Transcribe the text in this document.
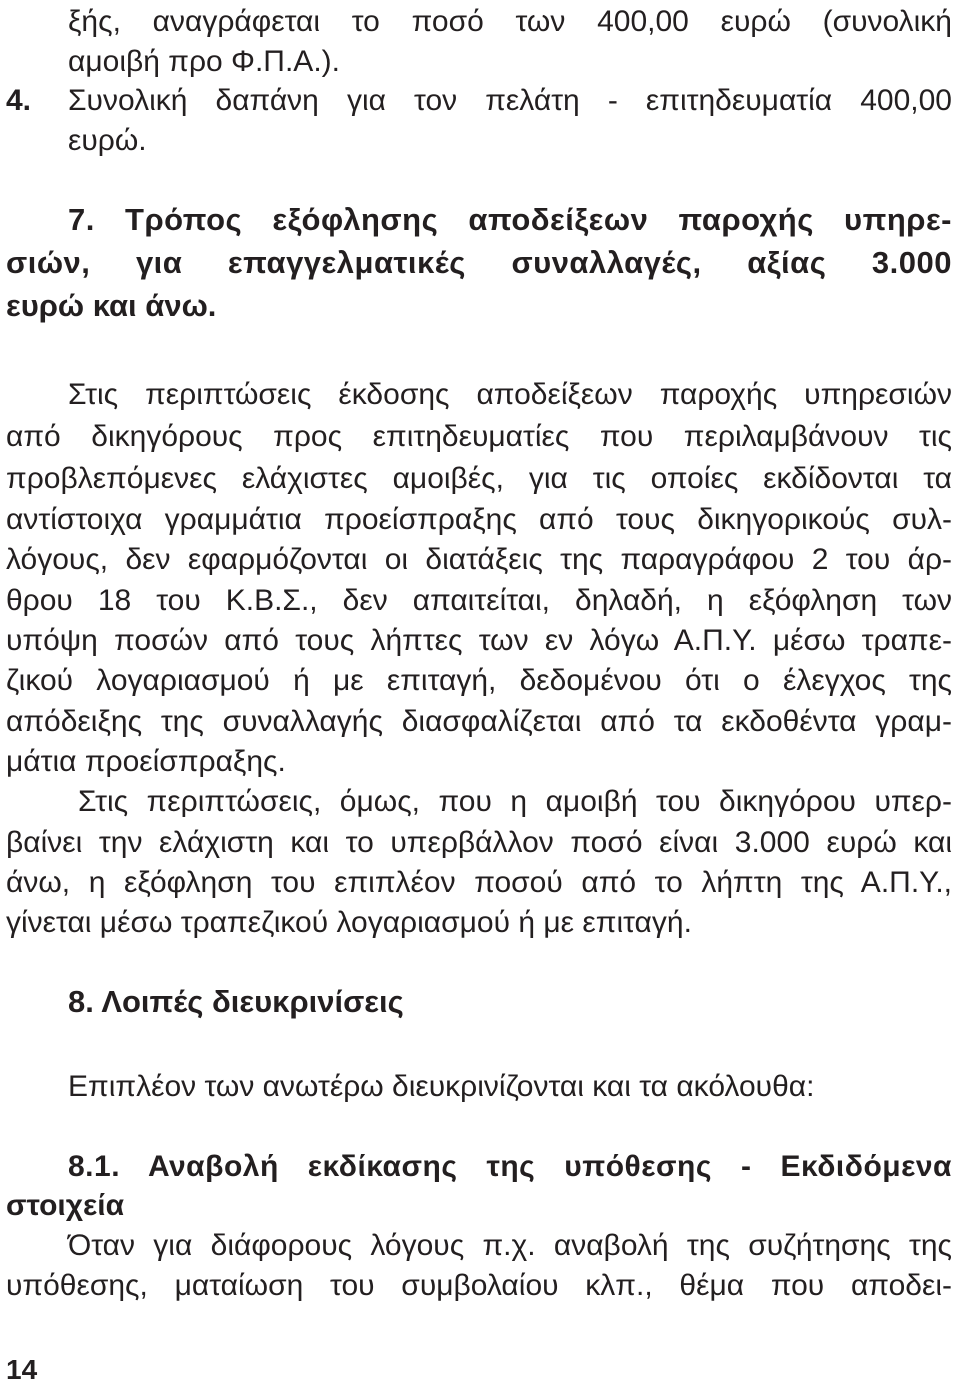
ξής, αναγράφεται το ποσό των 400,00 ευρώ (συνολική
αμοιβή προ Φ.Π.Α.).
4. Συνολική δαπάνη για τον πελάτη - επιτηδευματία 400,00
ευρώ.
7. Τρόπος εξόφλησης αποδείξεων παροχής υπηρε-
σιών, για επαγγελματικές συναλλαγές, αξίας 3.000
ευρώ και άνω.
Στις περιπτώσεις έκδοσης αποδείξεων παροχής υπηρεσιών
από δικηγόρους προς επιτηδευματίες που περιλαμβάνουν τις
προβλεπόμενες ελάχιστες αμοιβές, για τις οποίες εκδίδονται τα
αντίστοιχα γραμμάτια προείσπραξης από τους δικηγορικούς συλ-
λόγους, δεν εφαρμόζονται οι διατάξεις της παραγράφου 2 του άρ-
θρου 18 του Κ.Β.Σ., δεν απαιτείται, δηλαδή, η εξόφληση των
υπόψη ποσών από τους λήπτες των εν λόγω Α.Π.Υ. μέσω τραπε-
ζικού λογαριασμού ή με επιταγή, δεδομένου ότι ο έλεγχος της
απόδειξης της συναλλαγής διασφαλίζεται από τα εκδοθέντα γραμ-
μάτια προείσπραξης.
Στις περιπτώσεις, όμως, που η αμοιβή του δικηγόρου υπερ-
βαίνει την ελάχιστη και το υπερβάλλον ποσό είναι 3.000 ευρώ και
άνω, η εξόφληση του επιπλέον ποσού από το λήπτη της Α.Π.Υ.,
γίνεται μέσω τραπεζικού λογαριασμού ή με επιταγή.
8. Λοιπές διευκρινίσεις
Επιπλέον των ανωτέρω διευκρινίζονται και τα ακόλουθα:
8.1. Αναβολή εκδίκασης της υπόθεσης - Εκδιδόμενα
στοιχεία
Όταν για διάφορους λόγους π.χ. αναβολή της συζήτησης της
υπόθεσης, ματαίωση του συμβολαίου κλπ., θέμα που αποδει-
14
